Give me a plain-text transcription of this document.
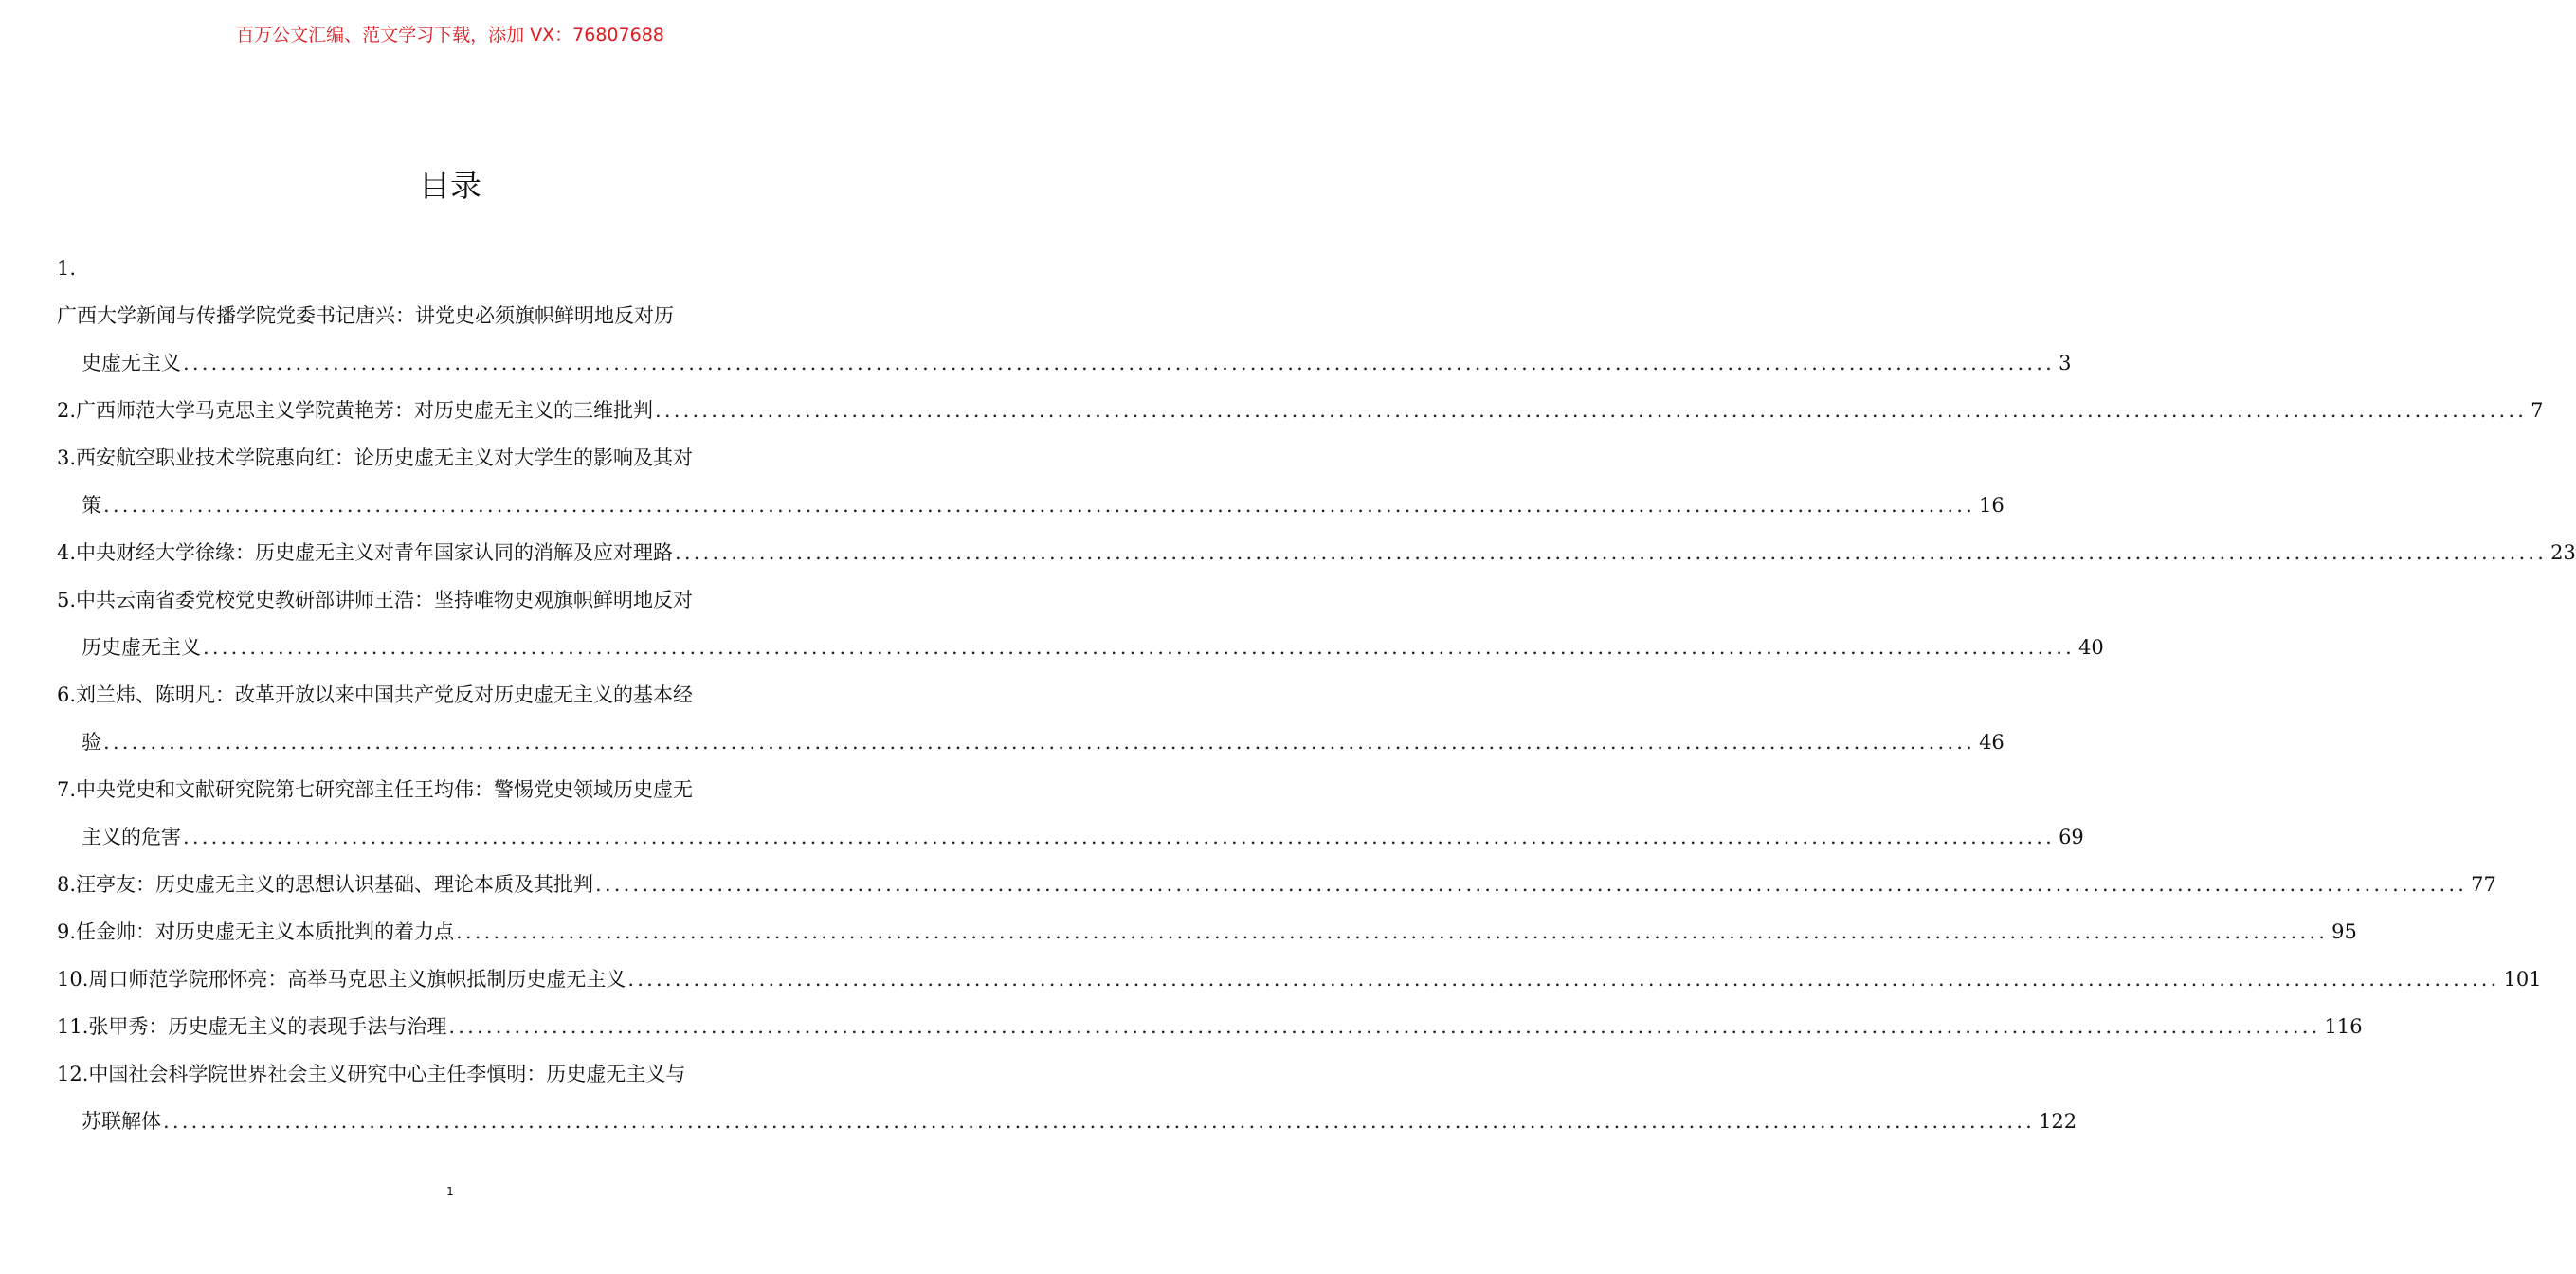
百万公文汇编、范文学习下载，添加 VX：76807688
目录
1.
广西大学新闻与传播学院党委书记唐兴：讲党史必须旗帜鲜明地反对历
史虚无主义 ........................................................................................................................................................................................................ 3
2.广西师范大学马克思主义学院黄艳芳：对历史虚无主义的三维批判 ........................................................................................................................................................................................................ 7
3.西安航空职业技术学院惠向红：论历史虚无主义对大学生的影响及其对
策 ........................................................................................................................................................................................................ 16
4.中央财经大学徐缘：历史虚无主义对青年国家认同的消解及应对理路 ........................................................................................................................................................................................................ 23
5.中共云南省委党校党史教研部讲师王浩：坚持唯物史观旗帜鲜明地反对
历史虚无主义 ........................................................................................................................................................................................................ 40
6.刘兰炜、陈明凡：改革开放以来中国共产党反对历史虚无主义的基本经
验 ........................................................................................................................................................................................................ 46
7.中央党史和文献研究院第七研究部主任王均伟：警惕党史领域历史虚无
主义的危害 ........................................................................................................................................................................................................ 69
8.汪亭友：历史虚无主义的思想认识基础、理论本质及其批判 ........................................................................................................................................................................................................ 77
9.任金帅：对历史虚无主义本质批判的着力点 ........................................................................................................................................................................................................ 95
10.周口师范学院邢怀亮：高举马克思主义旗帜抵制历史虚无主义 ........................................................................................................................................................................................................ 101
11.张甲秀：历史虚无主义的表现手法与治理 ........................................................................................................................................................................................................ 116
12.中国社会科学院世界社会主义研究中心主任李慎明：历史虚无主义与
苏联解体 ........................................................................................................................................................................................................ 122
1
